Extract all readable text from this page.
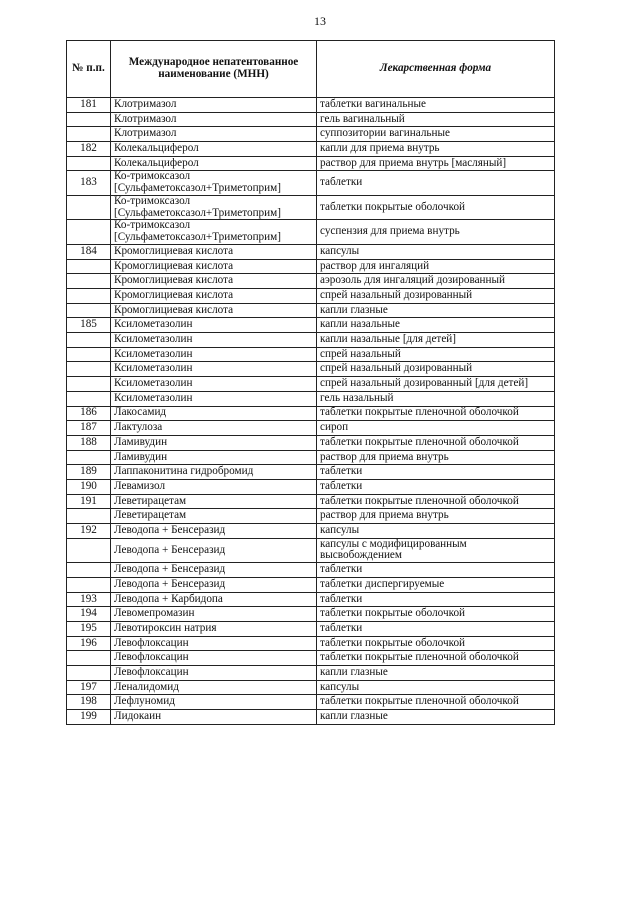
13
№ п.п.	Международное непатентованное наименование (МНН)	Лекарственная форма
181	Клотримазол	таблетки вагинальные
	Клотримазол	гель вагинальный
	Клотримазол	суппозитории вагинальные
182	Колекальциферол	капли для приема внутрь
	Колекальциферол	раствор для приема внутрь [масляный]
183	Ко-тримоксазол [Сульфаметоксазол+Триметоприм]	таблетки
	Ко-тримоксазол [Сульфаметоксазол+Триметоприм]	таблетки покрытые оболочкой
	Ко-тримоксазол [Сульфаметоксазол+Триметоприм]	суспензия для приема внутрь
184	Кромоглициевая кислота	капсулы
	Кромоглициевая кислота	раствор для ингаляций
	Кромоглициевая кислота	аэрозоль для ингаляций дозированный
	Кромоглициевая кислота	спрей назальный дозированный
	Кромоглициевая кислота	капли глазные
185	Ксилометазолин	капли назальные
	Ксилометазолин	капли назальные [для детей]
	Ксилометазолин	спрей назальный
	Ксилометазолин	спрей назальный дозированный
	Ксилометазолин	спрей назальный дозированный [для детей]
	Ксилометазолин	гель назальный
186	Лакосамид	таблетки покрытые пленочной оболочкой
187	Лактулоза	сироп
188	Ламивудин	таблетки покрытые пленочной оболочкой
	Ламивудин	раствор для приема внутрь
189	Лаппаконитина гидробромид	таблетки
190	Левамизол	таблетки
191	Леветирацетам	таблетки покрытые пленочной оболочкой
	Леветирацетам	раствор для приема внутрь
192	Леводопа + Бенсеразид	капсулы
	Леводопа + Бенсеразид	капсулы с модифицированным высвобождением
	Леводопа + Бенсеразид	таблетки
	Леводопа + Бенсеразид	таблетки диспергируемые
193	Леводопа + Карбидопа	таблетки
194	Левомепромазин	таблетки покрытые оболочкой
195	Левотироксин натрия	таблетки
196	Левофлоксацин	таблетки покрытые оболочкой
	Левофлоксацин	таблетки покрытые пленочной оболочкой
	Левофлоксацин	капли глазные
197	Леналидомид	капсулы
198	Лефлуномид	таблетки покрытые пленочной оболочкой
199	Лидокаин	капли глазные
